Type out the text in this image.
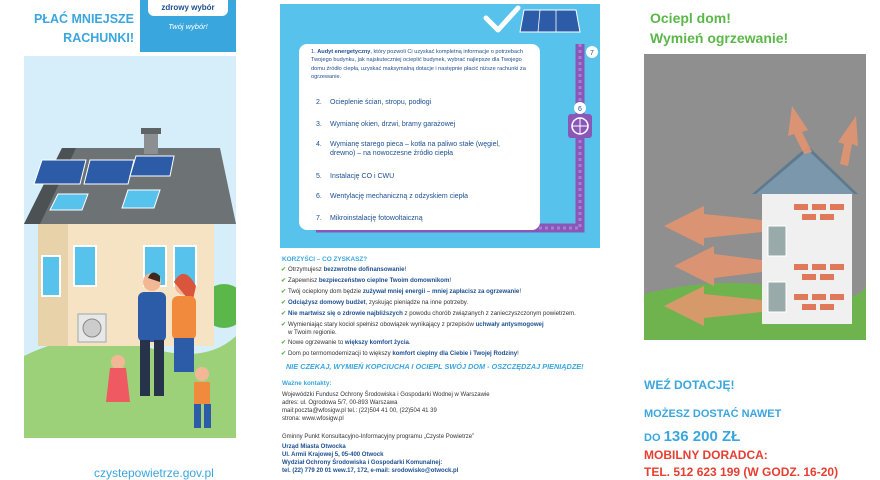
PŁAĆ MNIEJSZE
RACHUNKI!
zdrowy wybór
Twój wybór!
czystepowietrze.gov.pl
7
6
1. Audyt energetyczny, który pozwoli Ci uzyskać kompletną informacje o potrzebach Twojego budynku, jak najskuteczniej ocieplić budynek, wybrać najlepsze dla Twojego domu źródło ciepła, uzyskać maksymalną dotacje i następnie płacić niższe rachunki za ogrzewanie.
2. Ocieplenie ścian, stropu, podłogi
3. Wymianę okien, drzwi, bramy garażowej
4. Wymianę starego pieca – kotła na paliwo stałe (węgiel, drewno) – na nowoczesne źródło ciepła
5. Instalację CO i CWU
6. Wentylację mechaniczną z odzyskiem ciepła
7. Mikroinstalację fotowoltaiczną
KORZYŚCI – CO ZYSKASZ?
✔ Otrzymujesz bezzwrotne dofinansowanie!
✔ Zapewnisz bezpieczeństwo cieplne Twoim domownikom!
✔ Twój ocieplony dom będzie zużywał mniej energii – mniej zapłacisz za ogrzewanie!
✔ Odciążysz domowy budżet, zyskując pieniądze na inne potrzeby.
✔ Nie martwisz się o zdrowie najbliższych z powodu chorób związanych z zanieczyszczonym powietrzem.
✔ Wymieniając stary kocioł spełnisz obowiązek wynikający z przepisów uchwały antysmogowej
w Twoim regionie.
✔ Nowe ogrzewanie to większy komfort życia.
✔ Dom po termomodernizacji to większy komfort cieplny dla Ciebie i Twojej Rodziny!
NIE CZEKAJ, WYMIEŃ KOPCIUCHA I OCIEPL SWÓJ DOM - OSZCZĘDZAJ PIENIĄDZE!
Ważne kontakty:
Wojewódzki Fundusz Ochrony Środowiska i Gospodarki Wodnej w Warszawie
adres: ul. Ogrodowa 5/7, 00-893 Warszawa
mail:poczta@wfosigw.pl tel.: (22)504 41 00, (22)504 41 39
strona: www.wfosigw.pl
Gminny Punkt Konsultacyjno-Informacyjny programu „Czyste Powietrze”
Urząd Miasta Otwocka
Ul. Armii Krajowej 5, 05-400 Otwock
Wydział Ochrony Środowiska i Gospodarki Komunalnej:
tel. (22) 779 20 01 wew.17, 172, e-mail: srodowisko@otwock.pl
Ociepl dom!
Wymień ogrzewanie!
WEŹ DOTACJĘ!
MOŻESZ DOSTAĆ NAWET
DO 136 200 ZŁ
MOBILNY DORADCA:
TEL. 512 623 199 (W GODZ. 16-20)
